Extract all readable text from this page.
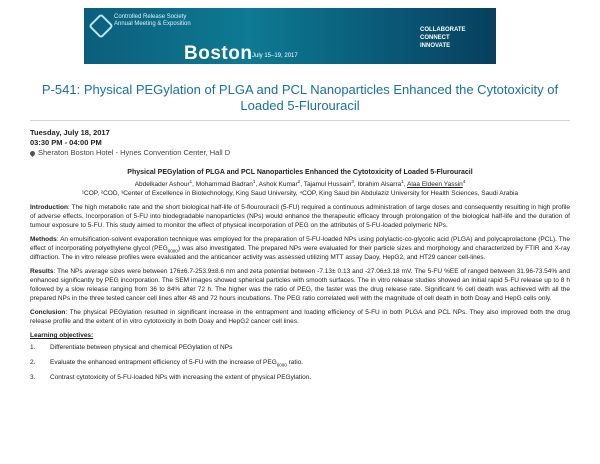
Controlled Release Society
Annual Meeting & Exposition
Boston July 15–19, 2017
COLLABORATE
CONNECT
INNOVATE
P-541: Physical PEGylation of PLGA and PCL Nanoparticles Enhanced the Cytotoxicity of Loaded 5-Flurouracil
Tuesday, July 18, 2017
03:30 PM - 04:00 PM
Sheraton Boston Hotel - Hynes Convention Center, Hall D
Physical PEGylation of PLGA and PCL Nanoparticles Enhanced the Cytotoxicity of Loaded 5-Flurouracil
Abdelkader Ashour$^1$, Mohammad Badran$^1$, Ashok Kumar$^2$, Tajamul Hussain$^3$, Ibrahim Alsarra$^1$, Alaa Eldeen Yassin$^4$
¹COP, ²COD, ³Center of Excellence in Biotechnology, King Saud University, ⁴COP, King Saud bin Abdulaziz University for Health Sciences, Saudi Arabia

Introduction: The high metabolic rate and the short biological half-life of 5-flourouracil (5-FU) required a continuous administration of large doses and consequently resulting in high profile of adverse effects. Incorporation of 5-FU into biodegradable nanoparticles (NPs) would enhance the therapeutic efficacy through prolongation of the biological half-life and the duration of tumour exposure to 5-FU. This study aimed to monitor the effect of physical incorporation of PEG on the attributes of 5-FU-loaded polymeric NPs.

Methods: An emulsification-solvent evaporation technique was employed for the preparation of 5-FU-loaded NPs using polylactic-co-glycolic acid (PLGA) and polycaprolactone (PCL). The effect of incorporating polyethylene glycol $(PEG_{6000})$ was also investigated. The prepared NPs were evaluated for their particle sizes and morphology and characterized by FTIR and X-ray diffraction. The in vitro release profiles were evaluated and the anticancer activity was assessed utilizing MTT assay Daoy, HepG2, and HT29 cancer cell-lines.

Results: The NPs average sizes were between 176±6.7-253.9±8.6 nm and zeta potential between -7.13± 0.13 and -27.06±3.18 mV. The 5-FU %EE of ranged between 31.96-73.54% and enhanced significantly by PEG incorporation. The SEM images showed spherical particles with smooth surfaces. The in vitro release studies showed an initial rapid 5-FU release up to 8 h followed by a slow release ranging from 36 to 84% after 72 h. The higher was the ratio of PEG, the faster was the drug release rate. Significant % cell death was achieved with all the prepared NPs in the three tested cancer cell lines after 48 and 72 hours incubations. The PEG ratio correlated well with the magnitude of cell death in both Doay and HepG cells only.

Conclusion: The physical PEGylation resulted in significant increase in the entrapment and loading efficiency of 5-FU in both PLGA and PCL NPs. They also improved both the drug release profile and the extent of in vitro cytotoxicity in both Doay and HepG2 cancer cell lines.

Learning objectives:
1.	Differentiate between physical and chemical PEGylation of NPs
2.	Evaluate the enhanced entrapment efficiency of 5-FU with the increase of $PEG_{6000}$ ratio.
3.	Contrast cytotoxicity of 5-FU-loaded NPs with increasing the extent of physical PEGylation.
